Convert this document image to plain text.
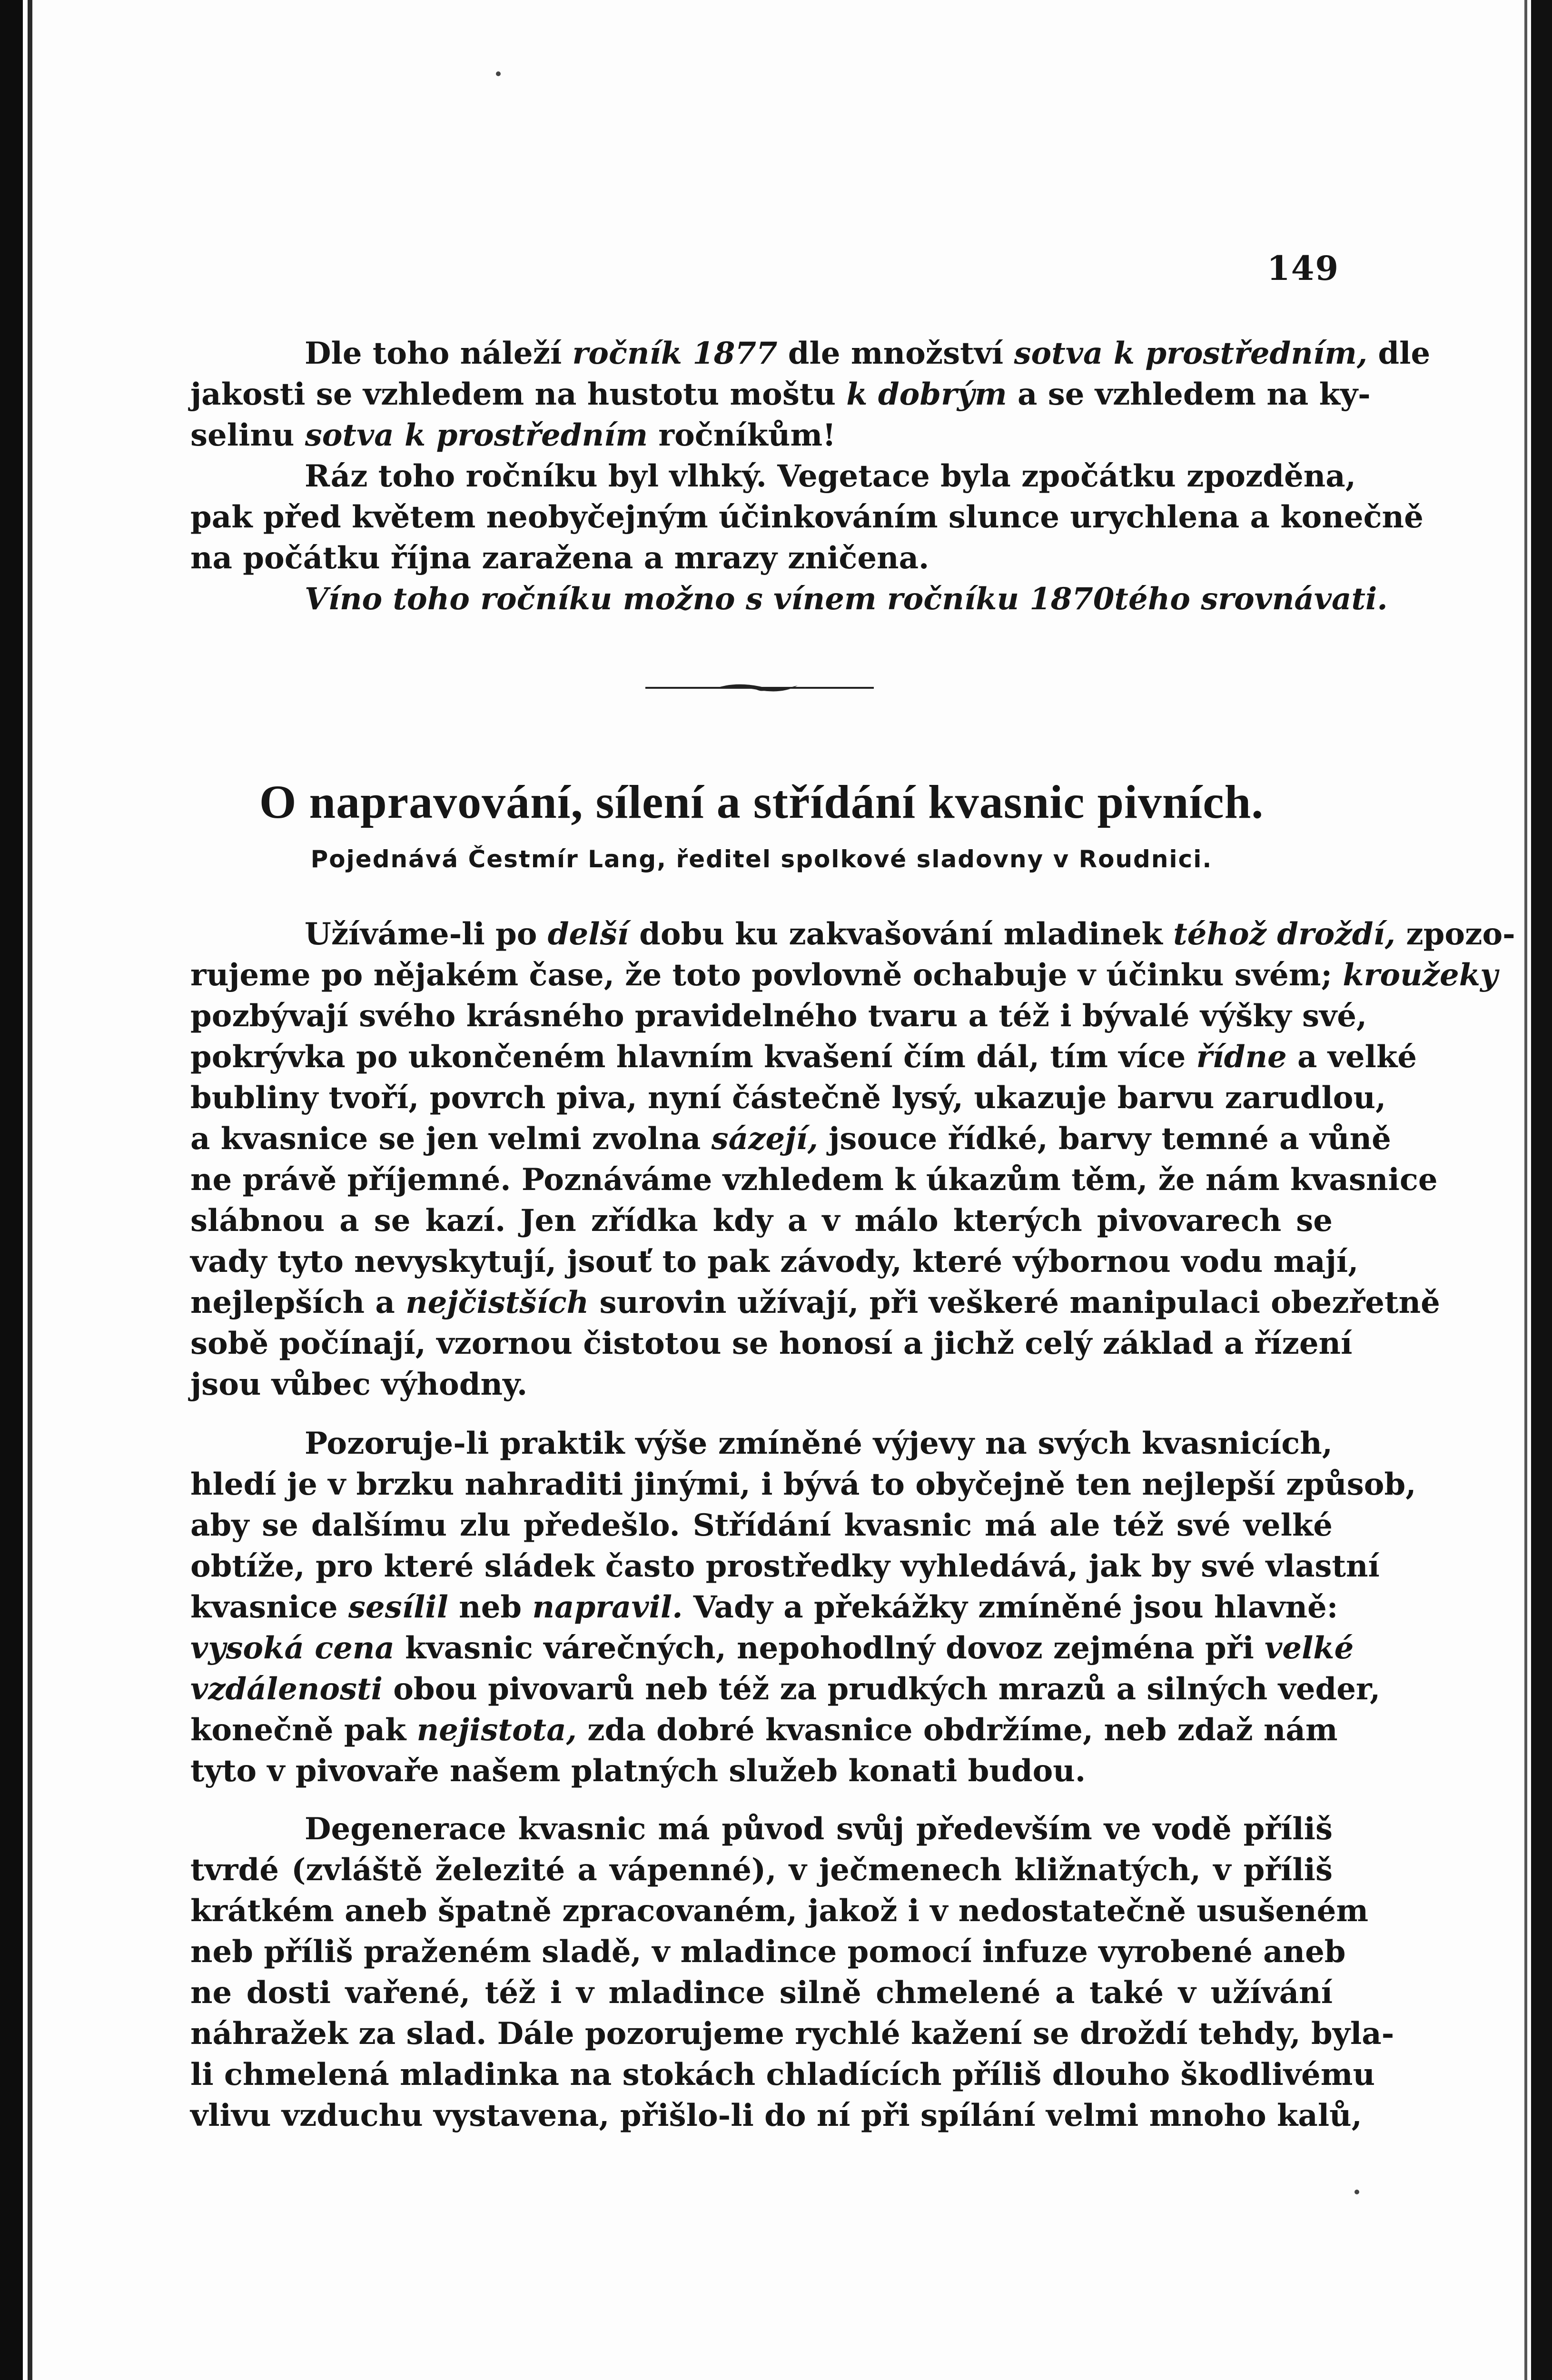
149
Dle toho náleží ročník 1877 dle množství sotva k prostředním, dle
jakosti se vzhledem na hustotu moštu k dobrým a se vzhledem na ky-
selinu sotva k prostředním ročníkům!
Ráz toho ročníku byl vlhký. Vegetace byla zpočátku zpozděna,
pak před květem neobyčejným účinkováním slunce urychlena a konečně
na počátku října zaražena a mrazy zničena.
Víno toho ročníku možno s vínem ročníku 1870tého srovnávati.
O napravování, sílení a střídání kvasnic pivních.
Pojednává Čestmír Lang, ředitel spolkové sladovny v Roudnici.
Užíváme-li po delší dobu ku zakvašování mladinek téhož droždí, zpozo-
rujeme po nějakém čase, že toto povlovně ochabuje v účinku svém; kroužeky
pozbývají svého krásného pravidelného tvaru a též i bývalé výšky své,
pokrývka po ukončeném hlavním kvašení čím dál, tím více řídne a velké
bubliny tvoří, povrch piva, nyní částečně lysý, ukazuje barvu zarudlou,
a kvasnice se jen velmi zvolna sázejí, jsouce řídké, barvy temné a vůně
ne právě příjemné. Poznáváme vzhledem k úkazům těm, že nám kvasnice
slábnou a se kazí. Jen zřídka kdy a v málo kterých pivovarech se
vady tyto nevyskytují, jsouť to pak závody, které výbornou vodu mají,
nejlepších a nejčistších surovin užívají, při veškeré manipulaci obezřetně
sobě počínají, vzornou čistotou se honosí a jichž celý základ a řízení
jsou vůbec výhodny.
Pozoruje-li praktik výše zmíněné výjevy na svých kvasnicích,
hledí je v brzku nahraditi jinými, i bývá to obyčejně ten nejlepší způsob,
aby se dalšímu zlu předešlo. Střídání kvasnic má ale též své velké
obtíže, pro které sládek často prostředky vyhledává, jak by své vlastní
kvasnice sesílil neb napravil. Vady a překážky zmíněné jsou hlavně:
vysoká cena kvasnic várečných, nepohodlný dovoz zejména při velké
vzdálenosti obou pivovarů neb též za prudkých mrazů a silných veder,
konečně pak nejistota, zda dobré kvasnice obdržíme, neb zdaž nám
tyto v pivovaře našem platných služeb konati budou.
Degenerace kvasnic má původ svůj především ve vodě příliš
tvrdé (zvláště železité a vápenné), v ječmenech kližnatých, v příliš
krátkém aneb špatně zpracovaném, jakož i v nedostatečně usušeném
neb příliš praženém sladě, v mladince pomocí infuze vyrobené aneb
ne dosti vařené, též i v mladince silně chmelené a také v užívání
náhražek za slad. Dále pozorujeme rychlé kažení se droždí tehdy, byla-
li chmelená mladinka na stokách chladících příliš dlouho škodlivému
vlivu vzduchu vystavena, přišlo-li do ní při spílání velmi mnoho kalů,
